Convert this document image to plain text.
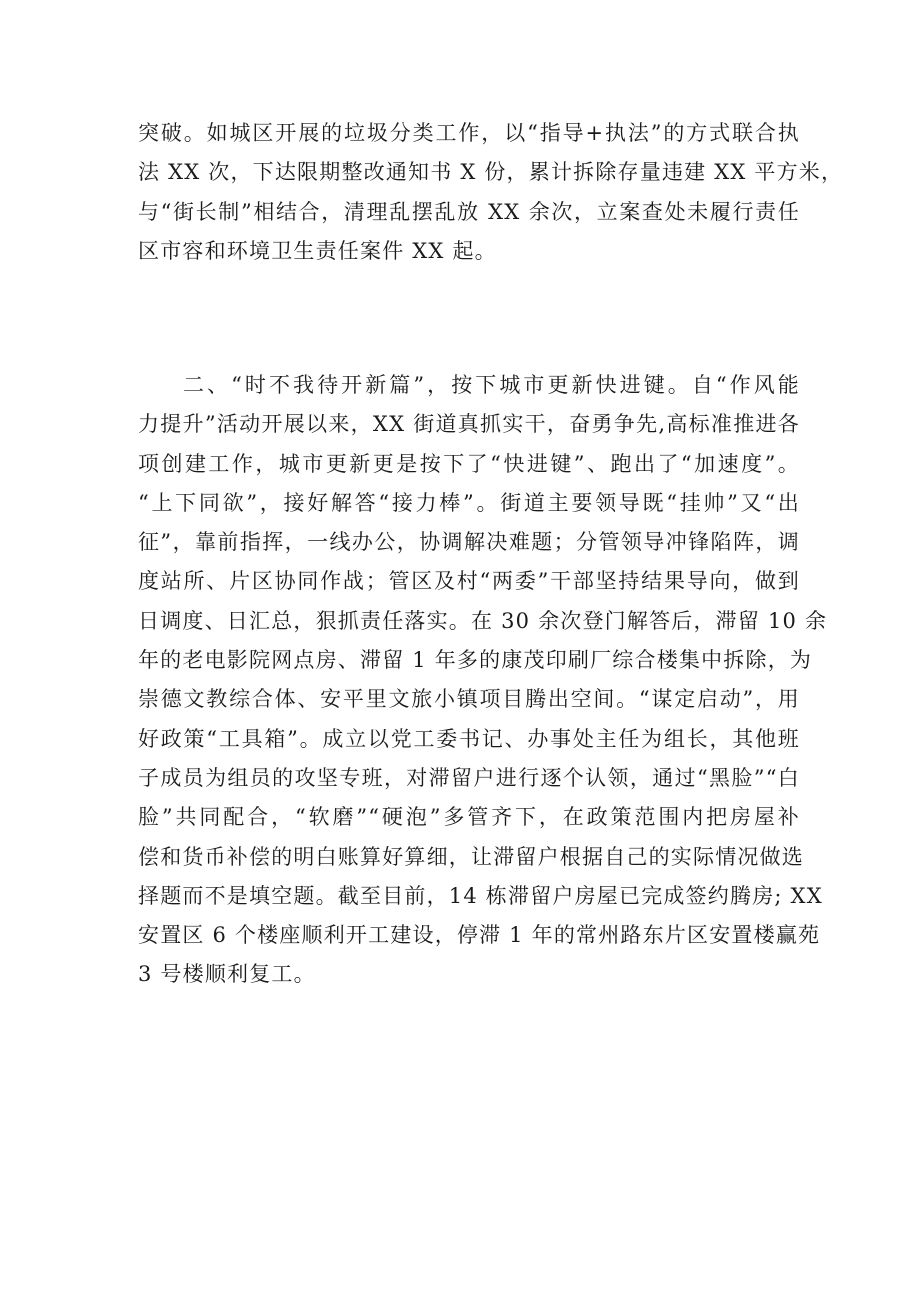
突破。如城区开展的垃圾分类工作，以“指导+执法”的方式联合执
法 XX 次，下达限期整改通知书 X 份，累计拆除存量违建 XX 平方米，
与“街长制”相结合，清理乱摆乱放 XX 余次，立案查处未履行责任
区市容和环境卫生责任案件 XX 起。

二、“时不我待开新篇”，按下城市更新快进键。自“作风能
力提升”活动开展以来，XX 街道真抓实干，奋勇争先,高标准推进各
项创建工作，城市更新更是按下了“快进键”、跑出了“加速度”。
“上下同欲”，接好解答“接力棒”。街道主要领导既“挂帅”又“出
征”，靠前指挥，一线办公，协调解决难题；分管领导冲锋陷阵，调
度站所、片区协同作战；管区及村“两委”干部坚持结果导向，做到
日调度、日汇总，狠抓责任落实。在 30 余次登门解答后，滞留 10 余
年的老电影院网点房、滞留 1 年多的康茂印刷厂综合楼集中拆除，为
崇德文教综合体、安平里文旅小镇项目腾出空间。“谋定启动”，用
好政策“工具箱”。成立以党工委书记、办事处主任为组长，其他班
子成员为组员的攻坚专班，对滞留户进行逐个认领，通过“黑脸”“白
脸”共同配合，“软磨”“硬泡”多管齐下，在政策范围内把房屋补
偿和货币补偿的明白账算好算细，让滞留户根据自己的实际情况做选
择题而不是填空题。截至目前，14 栋滞留户房屋已完成签约腾房; XX
安置区 6 个楼座顺利开工建设，停滞 1 年的常州路东片区安置楼赢苑
3 号楼顺利复工。
